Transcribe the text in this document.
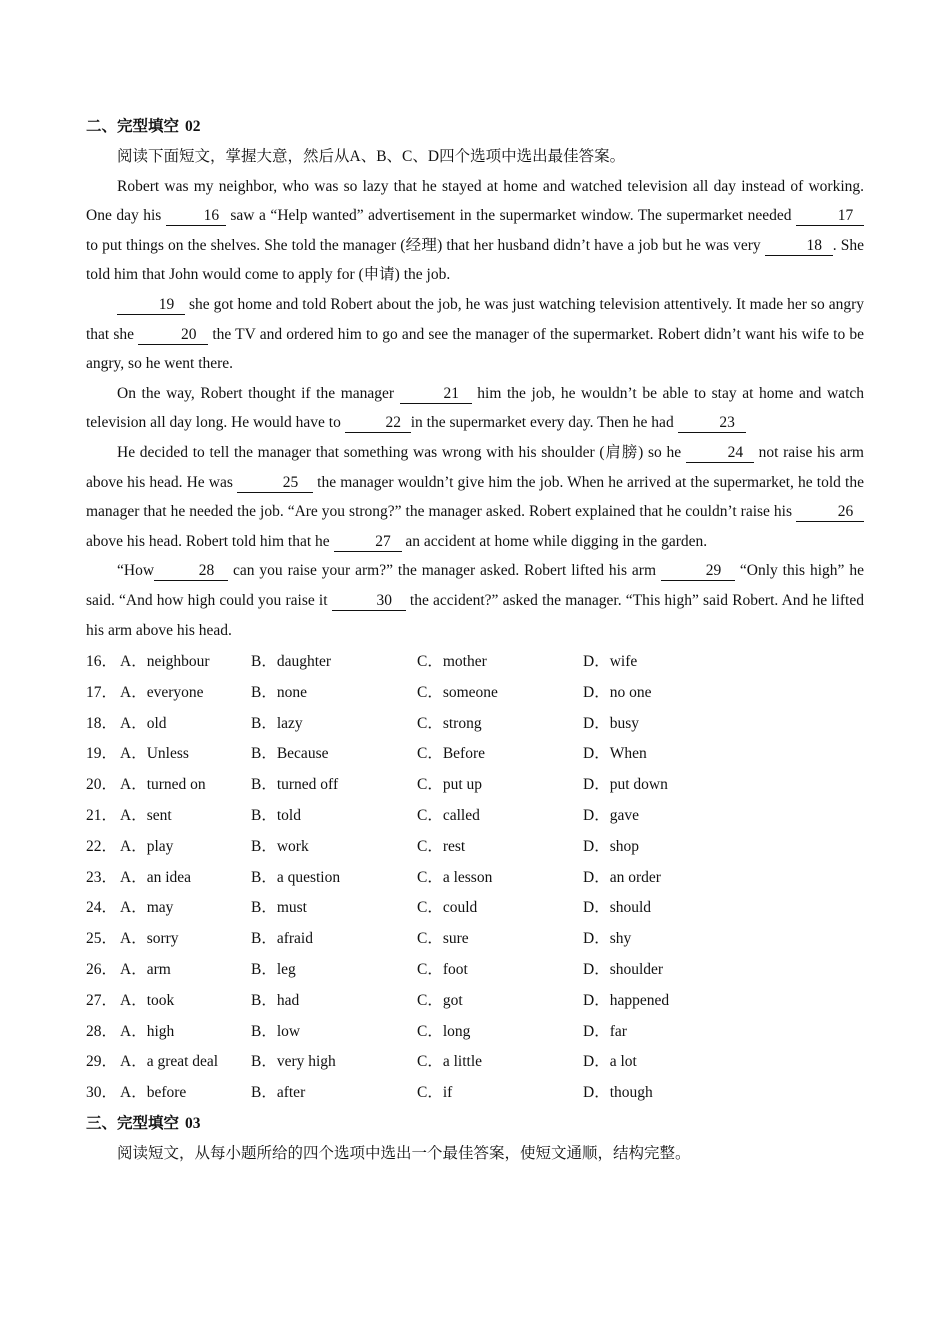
二、完型填空 02

阅读下面短文，掌握大意，然后从A、B、C、D四个选项中选出最佳答案。

Robert was my neighbor, who was so lazy that he stayed at home and watched television all day instead of working. One day his 16 saw a “Help wanted” advertisement in the supermarket window. The supermarket needed	17 to put things on the shelves. She told the manager (经理) that her husband didn’t have a job but he was very	18 . She told him that John would come to apply for (申请) the job.

19 she got home and told Robert about the job, he was just watching television attentively. It made her so angry that she	20 the TV and ordered him to go and see the manager of the supermarket. Robert didn’t want his wife to be angry, so he went there.

On the way, Robert thought if the manager	21 him the job, he wouldn’t be able to stay at home and watch television all day long. He would have to	22 in the supermarket every day. Then he had	23

He decided to tell the manager that something was wrong with his shoulder (肩膀) so he	24 not raise his arm above his head. He was	25 the manager wouldn’t give him the job. When he arrived at the supermarket, he told the manager that he needed the job. “Are you strong?” the manager asked. Robert explained that he couldn’t raise his	26 above his head. Robert told him that he	27 an accident at home while digging in the garden.

“How	28 can you raise your arm?” the manager asked. Robert lifted his arm	29 “Only this high” he said. “And how high could you raise it	30 the accident?” asked the manager. “This high” said Robert. And he lifted his arm above his head.

16． A．neighbour	B．daughter	C．mother	D．wife
17． A．everyone	B．none	C．someone	D．no one
18． A．old	B．lazy	C．strong	D．busy
19． A．Unless	B．Because	C．Before	D．When
20． A．turned on	B．turned off	C．put up	D．put down
21． A．sent	B．told	C．called	D．gave
22． A．play	B．work	C．rest	D．shop
23． A．an idea	B．a question	C．a lesson	D．an order
24． A．may	B．must	C．could	D．should
25． A．sorry	B．afraid	C．sure	D．shy
26． A．arm	B．leg	C．foot	D．shoulder
27． A．took	B．had	C．got	D．happened
28． A．high	B．low	C．long	D．far
29． A．a great deal	B．very high	C．a little	D．a lot
30． A．before	B．after	C．if	D．though
三、完型填空 03

阅读短文，从每小题所给的四个选项中选出一个最佳答案，使短文通顺，结构完整。
